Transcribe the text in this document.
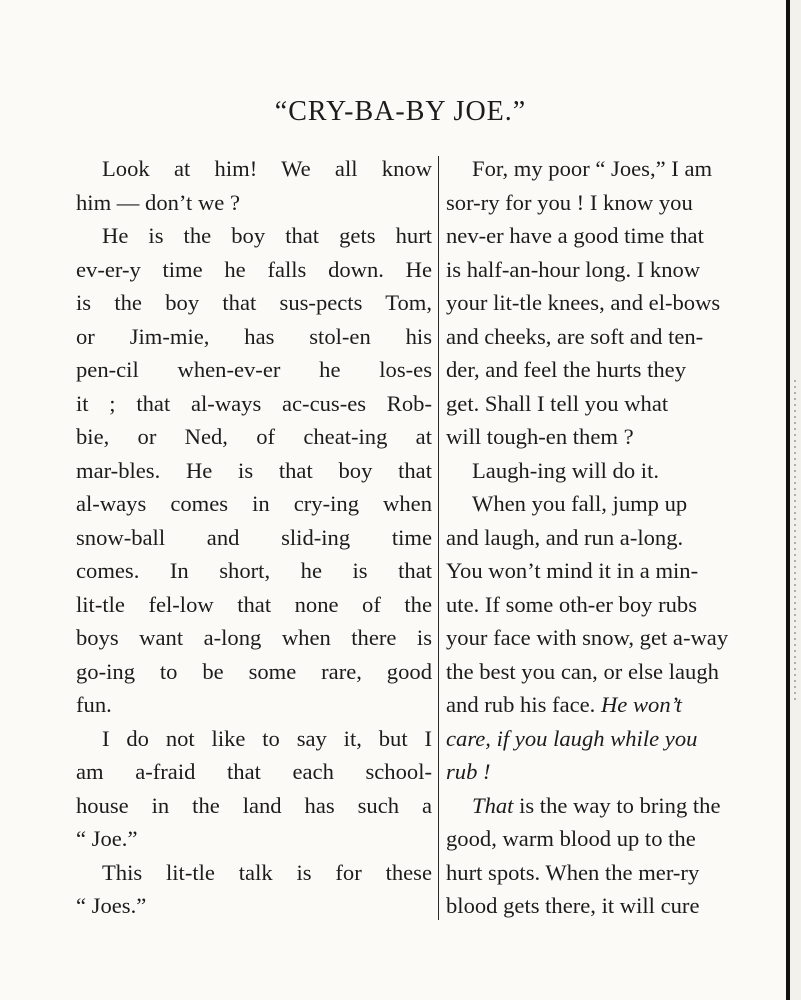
“CRY-BA-BY JOE.”
Look at him! We all know
him — don’t we ?
He is the boy that gets hurt
ev-er-y time he falls down. He
is the boy that sus-pects Tom,
or Jim-mie, has stol-en his
pen-cil when-ev-er he los-es
it ; that al-ways ac-cus-es Rob-
bie, or Ned, of cheat-ing at
mar-bles. He is that boy that
al-ways comes in cry-ing when
snow-ball and slid-ing time
comes. In short, he is that
lit-tle fel-low that none of the
boys want a-long when there is
go-ing to be some rare, good
fun.
I do not like to say it, but I
am a-fraid that each school-
house in the land has such a
“ Joe.”
This lit-tle talk is for these
“ Joes.”
For, my poor “ Joes,” I am
sor-ry for you ! I know you
nev-er have a good time that
is half-an-hour long. I know
your lit-tle knees, and el-bows
and cheeks, are soft and ten-
der, and feel the hurts they
get. Shall I tell you what
will tough-en them ?
Laugh-ing will do it.
When you fall, jump up
and laugh, and run a-long.
You won’t mind it in a min-
ute. If some oth-er boy rubs
your face with snow, get a-way
the best you can, or else laugh
and rub his face. He won’t
care, if you laugh while you
rub !
That is the way to bring the
good, warm blood up to the
hurt spots. When the mer-ry
blood gets there, it will cure
